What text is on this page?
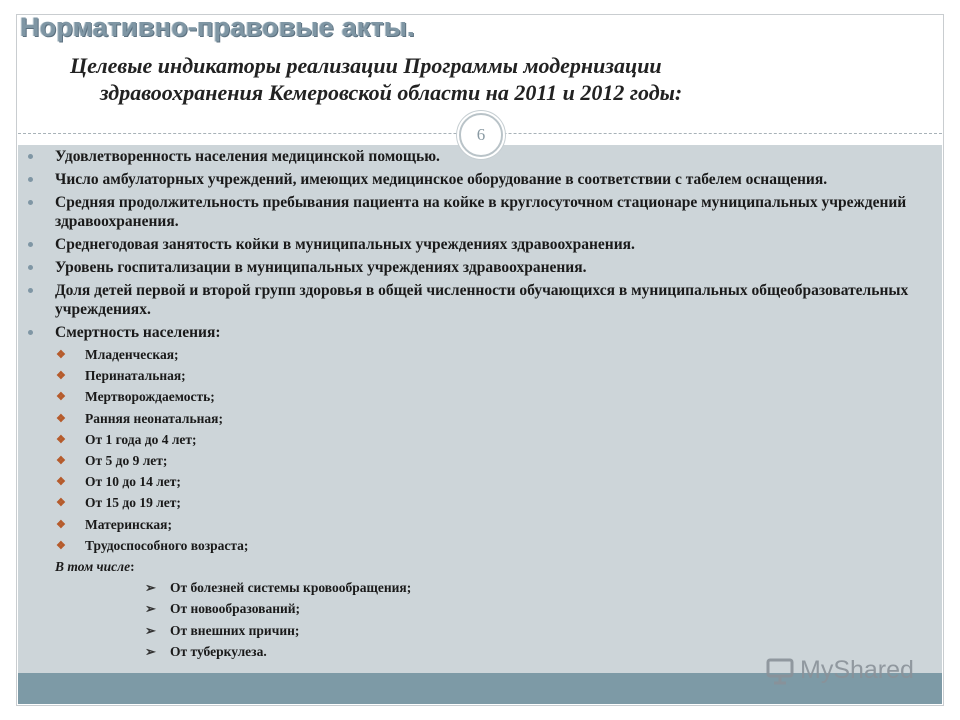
Нормативно-правовые акты.
Целевые индикаторы реализации Программы модернизации
здравоохранения Кемеровской области на 2011 и 2012 годы:
6
Удовлетворенность населения медицинской помощью.
Число амбулаторных учреждений, имеющих медицинское оборудование в соответствии с табелем оснащения.
Средняя продолжительность пребывания пациента на койке в круглосуточном стационаре муниципальных учреждений здравоохранения.
Среднегодовая занятость койки в муниципальных учреждениях здравоохранения.
Уровень госпитализации в муниципальных учреждениях здравоохранения.
Доля детей первой и второй групп здоровья в общей численности обучающихся в муниципальных общеобразовательных учреждениях.
Смертность населения:
❖ Младенческая;
❖ Перинатальная;
❖ Мертворождаемость;
❖ Ранняя неонатальная;
❖ От 1 года до 4 лет;
❖ От 5 до 9 лет;
❖ От 10 до 14 лет;
❖ От 15 до 19 лет;
❖ Материнская;
❖ Трудоспособного возраста;
В том числе:
➢ От болезней системы кровообращения;
➢ От новообразований;
➢ От внешних причин;
➢ От туберкулеза.
MyShared
